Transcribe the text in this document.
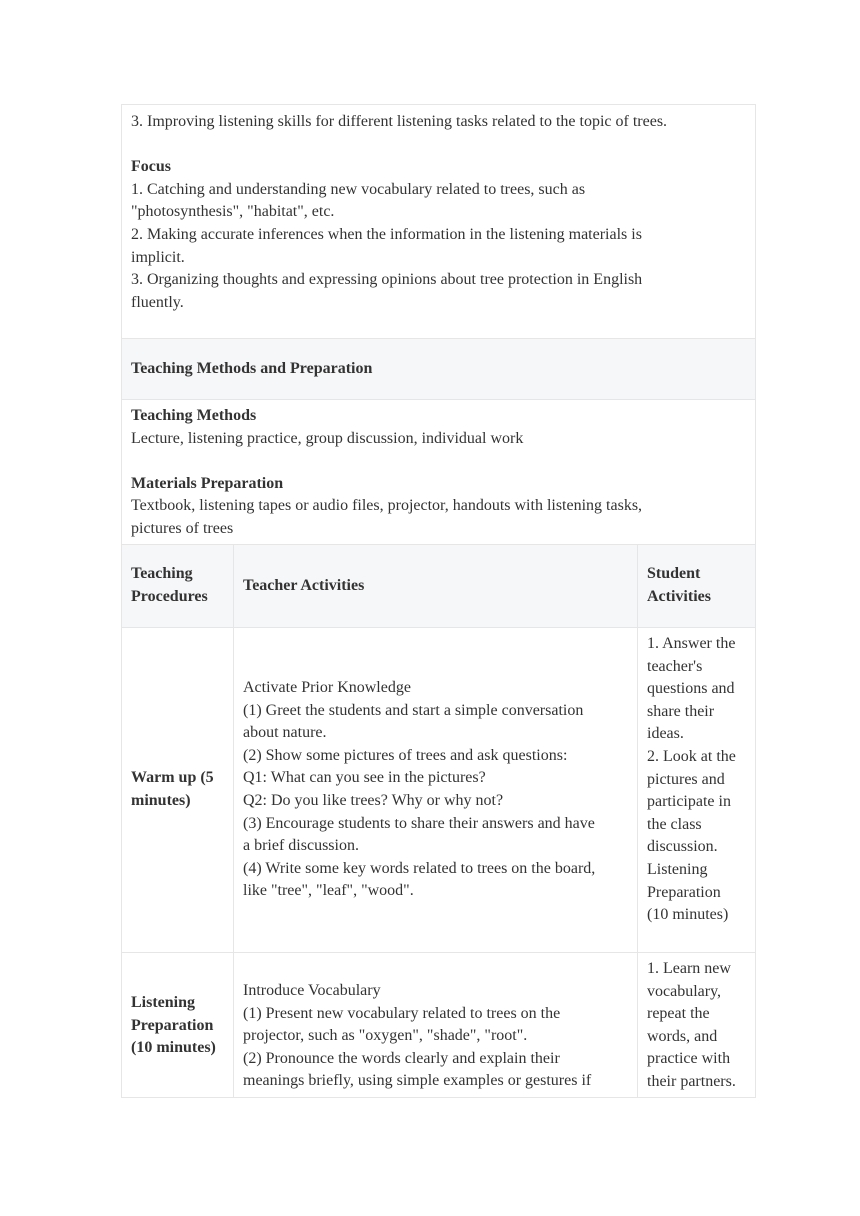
3. Improving listening skills for different listening tasks related to the topic of trees.
Focus
1. Catching and understanding new vocabulary related to trees, such as
"photosynthesis", "habitat", etc.
2. Making accurate inferences when the information in the listening materials is
implicit.
3. Organizing thoughts and expressing opinions about tree protection in English
fluently.
Teaching Methods and Preparation
Teaching Methods
Lecture, listening practice, group discussion, individual work
Materials Preparation
Textbook, listening tapes or audio files, projector, handouts with listening tasks,
pictures of trees
Teaching
Procedures
Teacher Activities
Student
Activities
Warm up (5
minutes)
Activate Prior Knowledge
(1) Greet the students and start a simple conversation
about nature.
(2) Show some pictures of trees and ask questions:
Q1: What can you see in the pictures?
Q2: Do you like trees? Why or why not?
(3) Encourage students to share their answers and have
a brief discussion.
(4) Write some key words related to trees on the board,
like "tree", "leaf", "wood".
1. Answer the
teacher's
questions and
share their
ideas.
2. Look at the
pictures and
participate in
the class
discussion.
Listening
Preparation
(10 minutes)
Listening
Preparation
(10 minutes)
Introduce Vocabulary
(1) Present new vocabulary related to trees on the
projector, such as "oxygen", "shade", "root".
(2) Pronounce the words clearly and explain their
meanings briefly, using simple examples or gestures if
1. Learn new
vocabulary,
repeat the
words, and
practice with
their partners.
